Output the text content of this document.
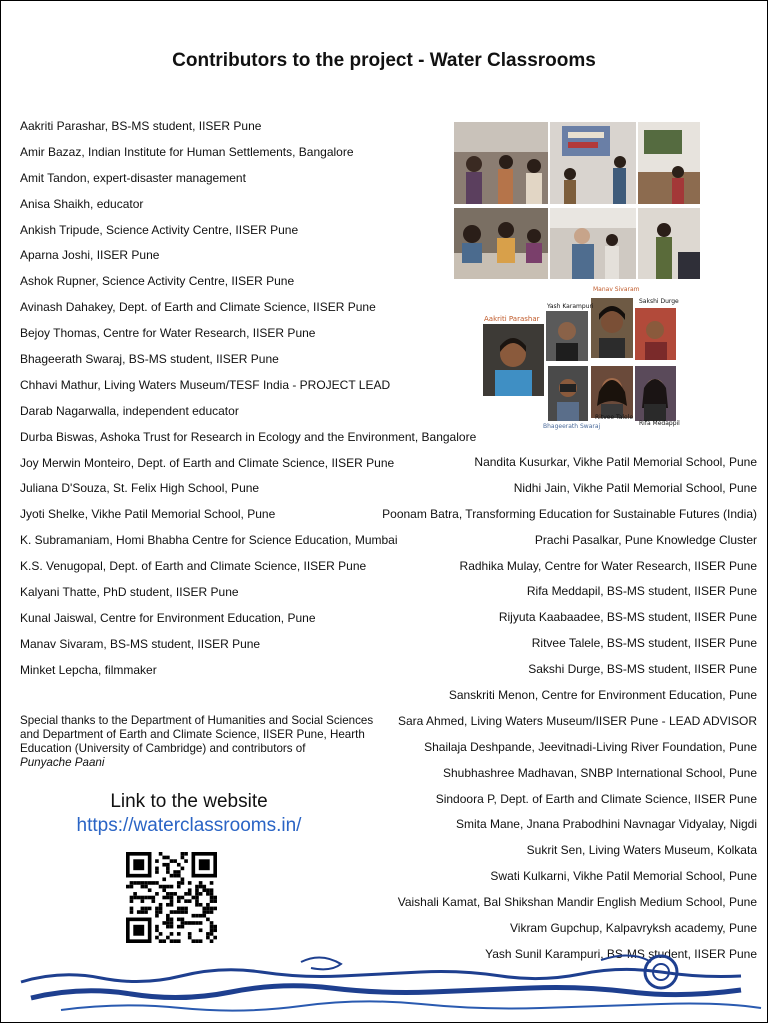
Contributors to the project - Water Classrooms
Aakriti Parashar, BS-MS student, IISER Pune
Amir Bazaz, Indian Institute for Human Settlements, Bangalore
Amit Tandon, expert-disaster management
Anisa Shaikh, educator
Ankish Tripude, Science Activity Centre, IISER Pune
Aparna Joshi, IISER Pune
Ashok Rupner, Science Activity Centre, IISER Pune
Avinash Dahakey, Dept. of Earth and Climate Science, IISER Pune
Bejoy Thomas, Centre for Water Research, IISER Pune
Bhageerath Swaraj, BS-MS student, IISER Pune
Chhavi Mathur, Living Waters Museum/TESF India - PROJECT LEAD
Darab Nagarwalla, independent educator
Durba Biswas, Ashoka Trust for Research in Ecology and the Environment, Bangalore
Joy Merwin Monteiro, Dept. of Earth and Climate Science, IISER Pune
Juliana D'Souza, St. Felix High School, Pune
Jyoti Shelke, Vikhe Patil Memorial School, Pune
K. Subramaniam, Homi Bhabha Centre for Science Education, Mumbai
K.S. Venugopal, Dept. of Earth and Climate Science, IISER Pune
Kalyani Thatte, PhD student, IISER Pune
Kunal Jaiswal, Centre for Environment Education, Pune
Manav Sivaram, BS-MS student, IISER Pune
Minket Lepcha, filmmaker
Nandita Kusurkar, Vikhe Patil Memorial School, Pune
Nidhi Jain, Vikhe Patil Memorial School, Pune
Poonam Batra, Transforming Education for Sustainable Futures (India)
Prachi Pasalkar, Pune Knowledge Cluster
Radhika Mulay, Centre for Water Research, IISER Pune
Rifa Meddapil, BS-MS student, IISER Pune
Rijyuta Kaabaadee, BS-MS student, IISER Pune
Ritvee Talele, BS-MS student, IISER Pune
Sakshi Durge, BS-MS student, IISER Pune
Sanskriti Menon, Centre for Environment Education, Pune
Sara Ahmed, Living Waters Museum/IISER Pune - LEAD ADVISOR
Shailaja Deshpande, Jeevitnadi-Living River Foundation, Pune
Shubhashree Madhavan, SNBP International School, Pune
Sindoora P, Dept. of Earth and Climate Science, IISER Pune
Smita Mane, Jnana Prabodhini Navnagar Vidyalay, Nigdi
Sukrit Sen, Living Waters Museum, Kolkata
Swati Kulkarni, Vikhe Patil Memorial School, Pune
Vaishali Kamat, Bal Shikshan Mandir English Medium School, Pune
Vikram Gupchup, Kalpavryksh academy, Pune
Yash Sunil Karampuri, BS-MS student, IISER Pune
Manav Sivaram
Yash Karampuri
Sakshi Durge
Aakriti Parashar
Ritvee Talele
Rifa Medappil
Bhageerath Swaraj
Special thanks to the Department of Humanities and Social Sciences and Department of Earth and Climate Science, IISER Pune, Hearth Education (University of Cambridge) and contributors of
Punyache Paani
Link to the website
https://waterclassrooms.in/
